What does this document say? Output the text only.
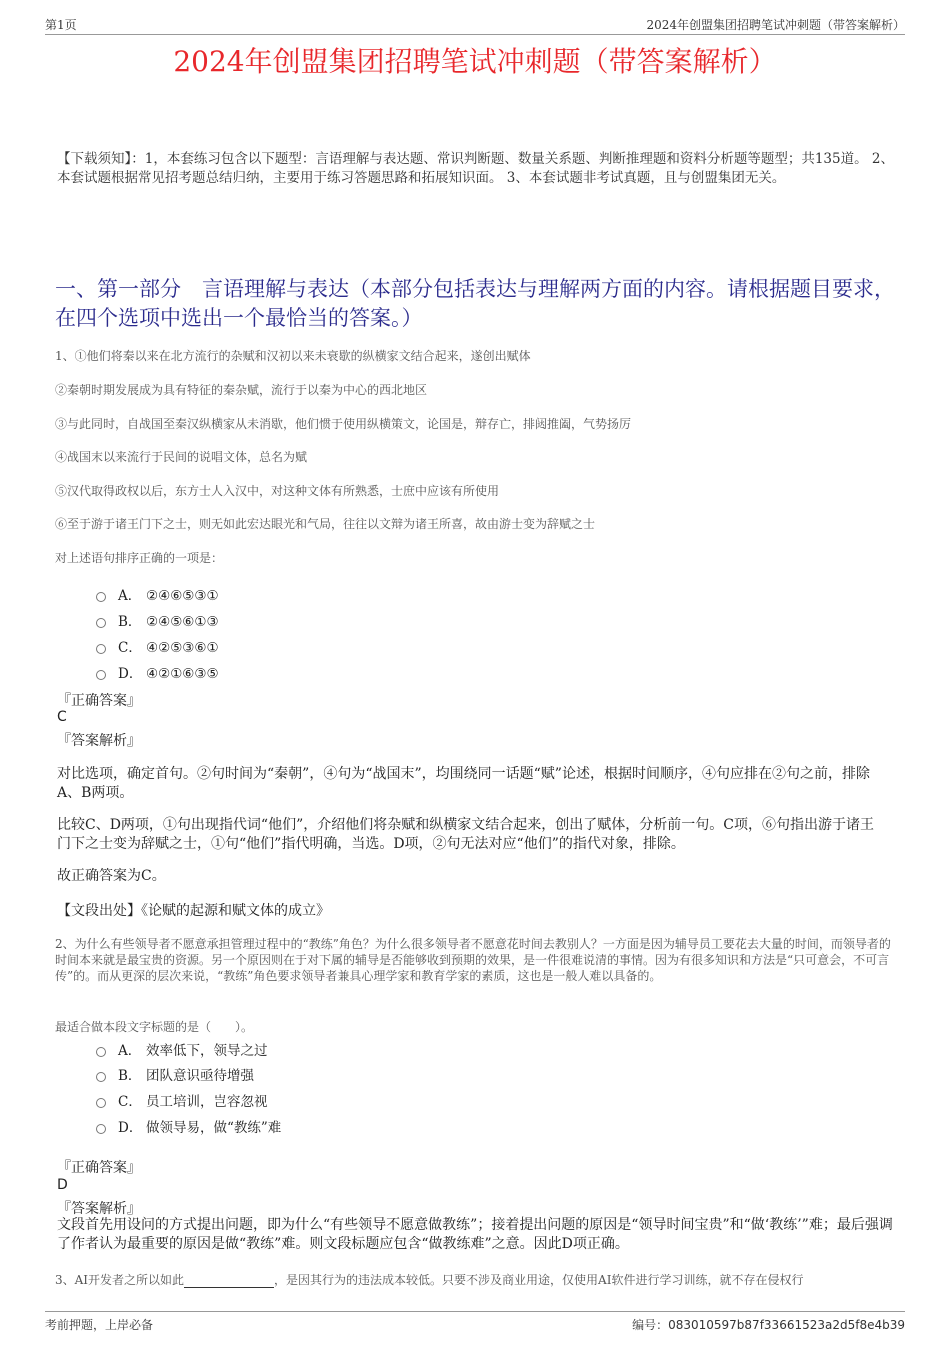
第1页	2024年创盟集团招聘笔试冲刺题（带答案解析）
2024年创盟集团招聘笔试冲刺题（带答案解析）
【下载须知】：1，本套练习包含以下题型：言语理解与表达题、常识判断题、数量关系题、判断推理题和资料分析题等题型；共135道。 2、本套试题根据常见招考题总结归纳，主要用于练习答题思路和拓展知识面。 3、本套试题非考试真题，且与创盟集团无关。
一、第一部分　言语理解与表达（本部分包括表达与理解两方面的内容。请根据题目要求，在四个选项中选出一个最恰当的答案。）
1、①他们将秦以来在北方流行的杂赋和汉初以来未衰歇的纵横家文结合起来，遂创出赋体
②秦朝时期发展成为具有特征的秦杂赋，流行于以秦为中心的西北地区
③与此同时，自战国至秦汉纵横家从未消歇，他们惯于使用纵横策文，论国是，辩存亡，排闼推阖，气势扬厉
④战国末以来流行于民间的说唱文体，总名为赋
⑤汉代取得政权以后，东方士人入汉中，对这种文体有所熟悉，士庶中应该有所使用
⑥至于游于诸王门下之士，则无如此宏达眼光和气局，往往以文辩为诸王所喜，故由游士变为辞赋之士
对上述语句排序正确的一项是：
A． ②④⑥⑤③①
B． ②④⑤⑥①③
C． ④②⑤③⑥①
D． ④②①⑥③⑤
『正确答案』
C
『答案解析』
对比选项，确定首句。②句时间为“秦朝”，④句为“战国末”，均围绕同一话题“赋”论述，根据时间顺序，④句应排在②句之前，排除A、B两项。
比较C、D两项，①句出现指代词“他们”，介绍他们将杂赋和纵横家文结合起来，创出了赋体，分析前一句。C项，⑥句指出游于诸王门下之士变为辞赋之士，①句“他们”指代明确，当选。D项，②句无法对应“他们”的指代对象，排除。
故正确答案为C。
【文段出处】《论赋的起源和赋文体的成立》
2、为什么有些领导者不愿意承担管理过程中的“教练”角色？为什么很多领导者不愿意花时间去教别人？一方面是因为辅导员工要花去大量的时间，而领导者的时间本来就是最宝贵的资源。另一个原因则在于对下属的辅导是否能够收到预期的效果，是一件很难说清的事情。因为有很多知识和方法是“只可意会，不可言传”的。而从更深的层次来说，“教练”角色要求领导者兼具心理学家和教育学家的素质，这也是一般人难以具备的。
最适合做本段文字标题的是（　　）。
A． 效率低下，领导之过
B． 团队意识亟待增强
C． 员工培训，岂容忽视
D． 做领导易，做“教练”难
『正确答案』
D
『答案解析』
文段首先用设问的方式提出问题，即为什么“有些领导不愿意做教练”；接着提出问题的原因是“领导时间宝贵”和“做‘教练’”难；最后强调了作者认为最重要的原因是做“教练”难。则文段标题应包含“做教练难”之意。因此D项正确。
3、AI开发者之所以如此	，是因其行为的违法成本较低。只要不涉及商业用途，仅使用AI软件进行学习训练，就不存在侵权行
考前押题，上岸必备	编号：083010597b87f33661523a2d5f8e4b39
